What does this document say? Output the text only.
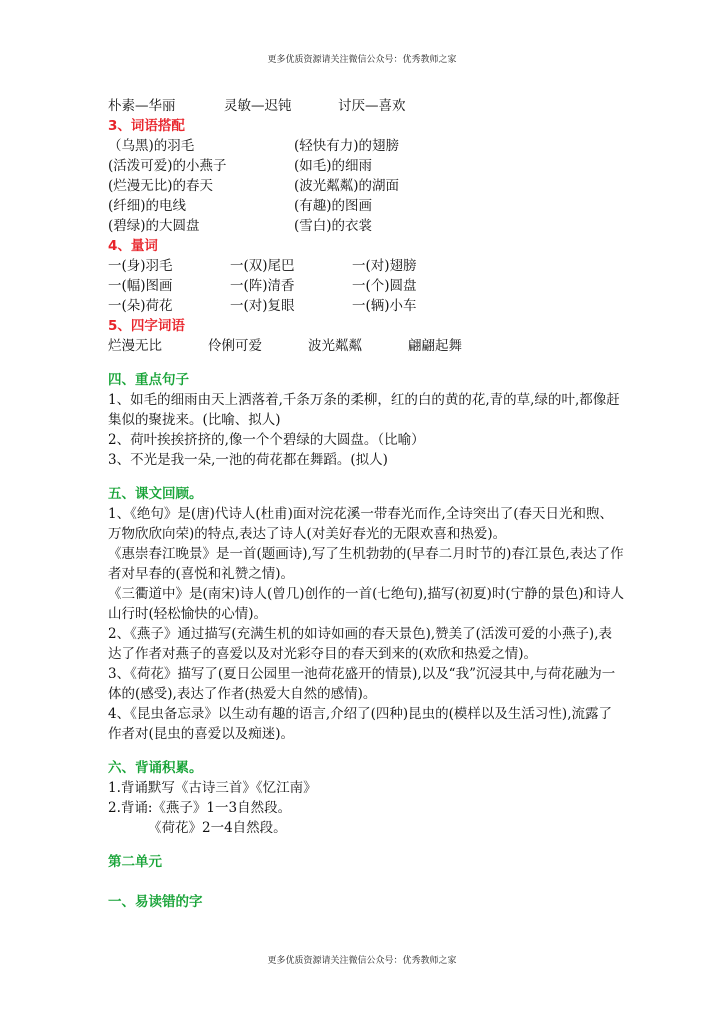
更多优质资源请关注微信公众号：优秀教师之家
朴素—华丽	灵敏—迟钝	讨厌—喜欢
3、词语搭配
（乌黑)的羽毛	(轻快有力)的翅膀
(活泼可爱)的小燕子	(如毛)的细雨
(烂漫无比)的春天	(波光粼粼)的湖面
(纤细)的电线	(有趣)的图画
(碧绿)的大圆盘	(雪白)的衣裳
4、量词
一(身)羽毛	一(双)尾巴	一(对)翅膀
一(幅)图画	一(阵)清香	一(个)圆盘
一(朵)荷花	一(对)复眼	一(辆)小车
5、四字词语
烂漫无比	伶俐可爱	波光粼粼	翩翩起舞
四、重点句子
1、如毛的细雨由天上洒落着,千条万条的柔柳，红的白的黄的花,青的草,绿的叶,都像赶集似的聚拢来。(比喻、拟人)
2、荷叶挨挨挤挤的,像一个个碧绿的大圆盘。（比喻）
3、不光是我一朵,一池的荷花都在舞蹈。(拟人)
五、课文回顾。
1、《绝句》是(唐)代诗人(杜甫)面对浣花溪一带春光而作,全诗突出了(春天日光和煦、万物欣欣向荣)的特点,表达了诗人(对美好春光的无限欢喜和热爱)。
《惠崇春江晚景》是一首(题画诗),写了生机勃勃的(早春二月时节的)春江景色,表达了作者对早春的(喜悦和礼赞之情)。
《三衢道中》是(南宋)诗人(曾几)创作的一首(七绝句),描写(初夏)时(宁静的景色)和诗人山行时(轻松愉快的心情)。
2、《燕子》通过描写(充满生机的如诗如画的春天景色),赞美了(活泼可爱的小燕子),表达了作者对燕子的喜爱以及对光彩夺目的春天到来的(欢欣和热爱之情)。
3、《荷花》描写了(夏日公园里一池荷花盛开的情景),以及“我”沉浸其中,与荷花融为一体的(感受),表达了作者(热爱大自然的感情)。
4、《昆虫备忘录》以生动有趣的语言,介绍了(四种)昆虫的(模样以及生活习性),流露了作者对(昆虫的喜爱以及痴迷)。
六、背诵积累。
1.背诵默写《古诗三首》《忆江南》
2.背诵:《燕子》1一3自然段。
《荷花》2一4自然段。
第二单元
一、易读错的字
更多优质资源请关注微信公众号：优秀教师之家
